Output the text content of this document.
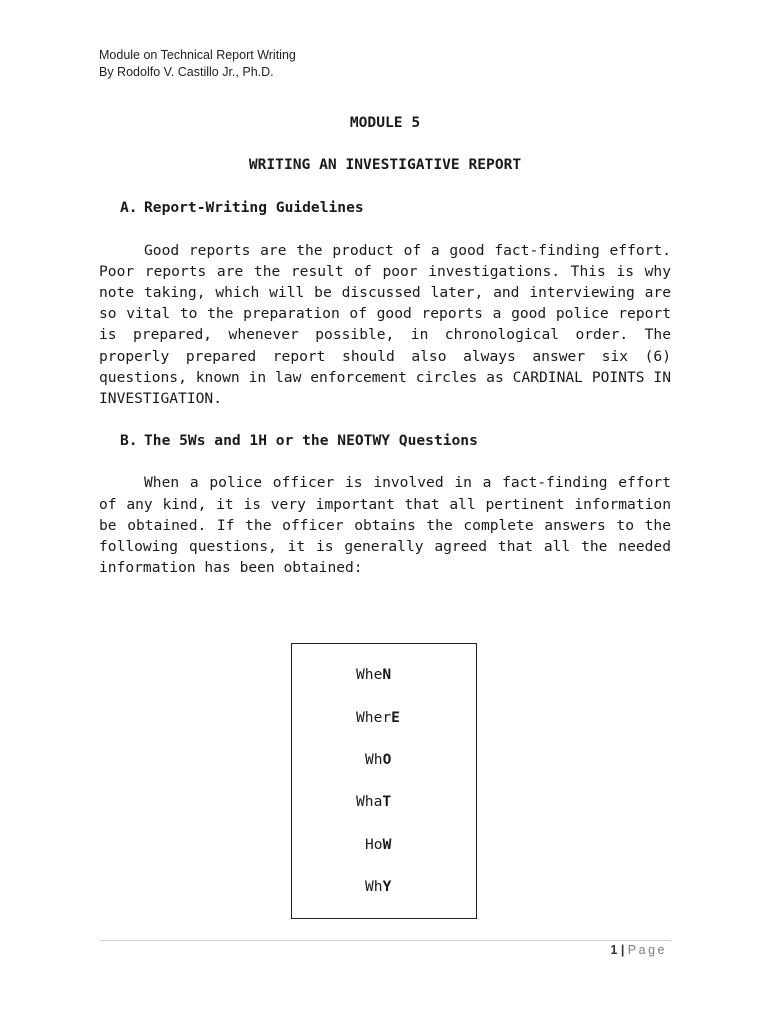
Module on Technical Report Writing
By Rodolfo V. Castillo Jr., Ph.D.
MODULE 5
WRITING AN INVESTIGATIVE REPORT
A. Report-Writing Guidelines
Good reports are the product of a good fact-finding effort. Poor reports are the result of poor investigations. This is why note taking, which will be discussed later, and interviewing are so vital to the preparation of good reports a good police report is prepared, whenever possible, in chronological order. The properly prepared report should also always answer six (6) questions, known in law enforcement circles as CARDINAL POINTS IN INVESTIGATION.
B. The 5Ws and 1H or the NEOTWY Questions
When a police officer is involved in a fact-finding effort of any kind, it is very important that all pertinent information be obtained. If the officer obtains the complete answers to the following questions, it is generally agreed that all the needed information has been obtained:
WheN
WherE
WhO
WhaT
HoW
WhY
1 | Page
